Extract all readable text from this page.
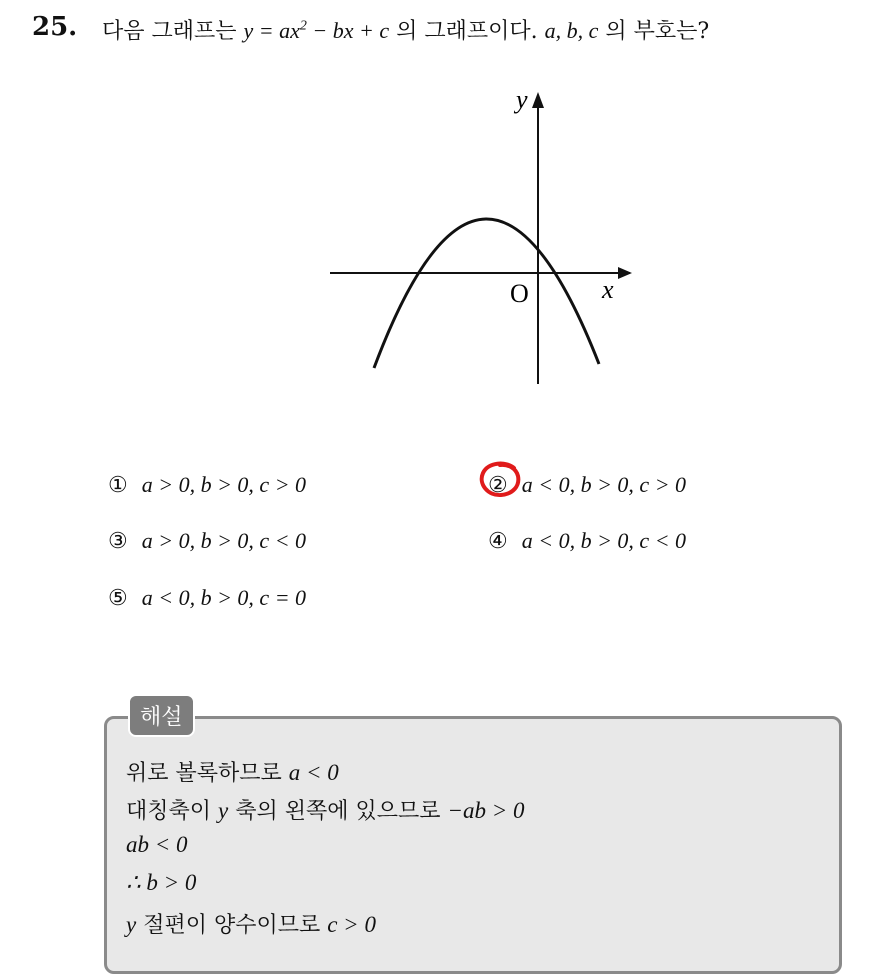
25. 다음 그래프는 $y = ax^2$ − bx + c 의 그래프이다. a, b, c 의 부호는?
y
x
O
① a > 0, b > 0, c > 0	② a < 0, b > 0, c > 0
③ a > 0, b > 0, c < 0	④ a < 0, b > 0, c < 0
⑤ a < 0, b > 0, c = 0
해설
위로 볼록하므로 a < 0
대칭축이 y 축의 왼쪽에 있으므로 −ab > 0
ab < 0
∴ b > 0
y 절편이 양수이므로 c > 0
